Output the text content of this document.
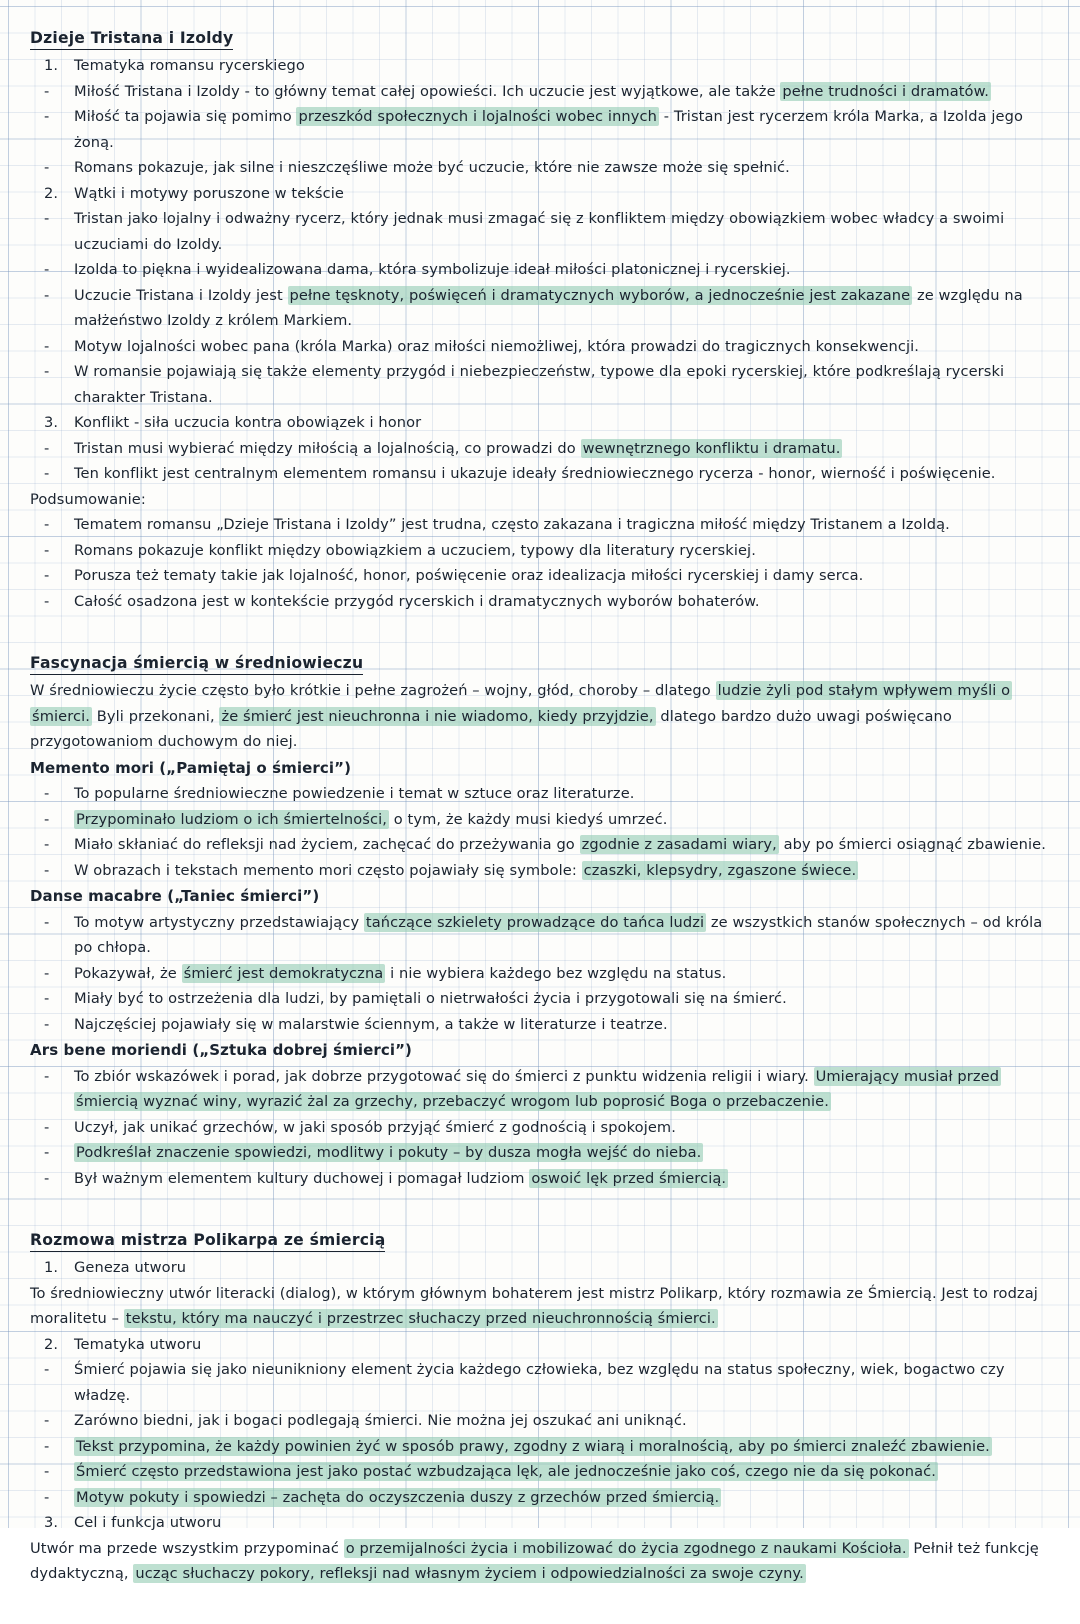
Dzieje Tristana i Izoldy
1.	Tematyka romansu rycerskiego
-	Miłość Tristana i Izoldy - to główny temat całej opowieści. Ich uczucie jest wyjątkowe, ale także pełne trudności i dramatów.
-	Miłość ta pojawia się pomimo przeszkód społecznych i lojalności wobec innych - Tristan jest rycerzem króla Marka, a Izolda jego żoną.
-	Romans pokazuje, jak silne i nieszczęśliwe może być uczucie, które nie zawsze może się spełnić.
2.	Wątki i motywy poruszone w tekście
-	Tristan jako lojalny i odważny rycerz, który jednak musi zmagać się z konfliktem między obowiązkiem wobec władcy a swoimi uczuciami do Izoldy.
-	Izolda to piękna i wyidealizowana dama, która symbolizuje ideał miłości platonicznej i rycerskiej.
-	Uczucie Tristana i Izoldy jest pełne tęsknoty, poświęceń i dramatycznych wyborów, a jednocześnie jest zakazane ze względu na małżeństwo Izoldy z królem Markiem.
-	Motyw lojalności wobec pana (króla Marka) oraz miłości niemożliwej, która prowadzi do tragicznych konsekwencji.
-	W romansie pojawiają się także elementy przygód i niebezpieczeństw, typowe dla epoki rycerskiej, które podkreślają rycerski charakter Tristana.
3.	Konflikt - siła uczucia kontra obowiązek i honor
-	Tristan musi wybierać między miłością a lojalnością, co prowadzi do wewnętrznego konfliktu i dramatu.
-	Ten konflikt jest centralnym elementem romansu i ukazuje ideały średniowiecznego rycerza - honor, wierność i poświęcenie.
Podsumowanie:
-	Tematem romansu „Dzieje Tristana i Izoldy” jest trudna, często zakazana i tragiczna miłość między Tristanem a Izoldą.
-	Romans pokazuje konflikt między obowiązkiem a uczuciem, typowy dla literatury rycerskiej.
-	Porusza też tematy takie jak lojalność, honor, poświęcenie oraz idealizacja miłości rycerskiej i damy serca.
-	Całość osadzona jest w kontekście przygód rycerskich i dramatycznych wyborów bohaterów.
Fascynacja śmiercią w średniowieczu
W średniowieczu życie często było krótkie i pełne zagrożeń – wojny, głód, choroby – dlatego ludzie żyli pod stałym wpływem myśli o śmierci. Byli przekonani, że śmierć jest nieuchronna i nie wiadomo, kiedy przyjdzie, dlatego bardzo dużo uwagi poświęcano przygotowaniom duchowym do niej.
Memento mori („Pamiętaj o śmierci”)
-	To popularne średniowieczne powiedzenie i temat w sztuce oraz literaturze.
-	Przypominało ludziom o ich śmiertelności, o tym, że każdy musi kiedyś umrzeć.
-	Miało skłaniać do refleksji nad życiem, zachęcać do przeżywania go zgodnie z zasadami wiary, aby po śmierci osiągnąć zbawienie.
-	W obrazach i tekstach memento mori często pojawiały się symbole: czaszki, klepsydry, zgaszone świece.
Danse macabre („Taniec śmierci”)
-	To motyw artystyczny przedstawiający tańczące szkielety prowadzące do tańca ludzi ze wszystkich stanów społecznych – od króla po chłopa.
-	Pokazywał, że śmierć jest demokratyczna i nie wybiera każdego bez względu na status.
-	Miały być to ostrzeżenia dla ludzi, by pamiętali o nietrwałości życia i przygotowali się na śmierć.
-	Najczęściej pojawiały się w malarstwie ściennym, a także w literaturze i teatrze.
Ars bene moriendi („Sztuka dobrej śmierci”)
-	To zbiór wskazówek i porad, jak dobrze przygotować się do śmierci z punktu widzenia religii i wiary. Umierający musiał przed śmiercią wyznać winy, wyrazić żal za grzechy, przebaczyć wrogom lub poprosić Boga o przebaczenie.
-	Uczył, jak unikać grzechów, w jaki sposób przyjąć śmierć z godnością i spokojem.
-	Podkreślał znaczenie spowiedzi, modlitwy i pokuty – by dusza mogła wejść do nieba.
-	Był ważnym elementem kultury duchowej i pomagał ludziom oswoić lęk przed śmiercią.
Rozmowa mistrza Polikarpa ze śmiercią
1.	Geneza utworu
To średniowieczny utwór literacki (dialog), w którym głównym bohaterem jest mistrz Polikarp, który rozmawia ze Śmiercią. Jest to rodzaj moralitetu – tekstu, który ma nauczyć i przestrzec słuchaczy przed nieuchronnością śmierci.
2.	Tematyka utworu
-	Śmierć pojawia się jako nieunikniony element życia każdego człowieka, bez względu na status społeczny, wiek, bogactwo czy władzę.
-	Zarówno biedni, jak i bogaci podlegają śmierci. Nie można jej oszukać ani uniknąć.
-	Tekst przypomina, że każdy powinien żyć w sposób prawy, zgodny z wiarą i moralnością, aby po śmierci znaleźć zbawienie.
-	Śmierć często przedstawiona jest jako postać wzbudzająca lęk, ale jednocześnie jako coś, czego nie da się pokonać.
-	Motyw pokuty i spowiedzi – zachęta do oczyszczenia duszy z grzechów przed śmiercią.
3.	Cel i funkcja utworu
Utwór ma przede wszystkim przypominać o przemijalności życia i mobilizować do życia zgodnego z naukami Kościoła. Pełnił też funkcję dydaktyczną, ucząc słuchaczy pokory, refleksji nad własnym życiem i odpowiedzialności za swoje czyny.
